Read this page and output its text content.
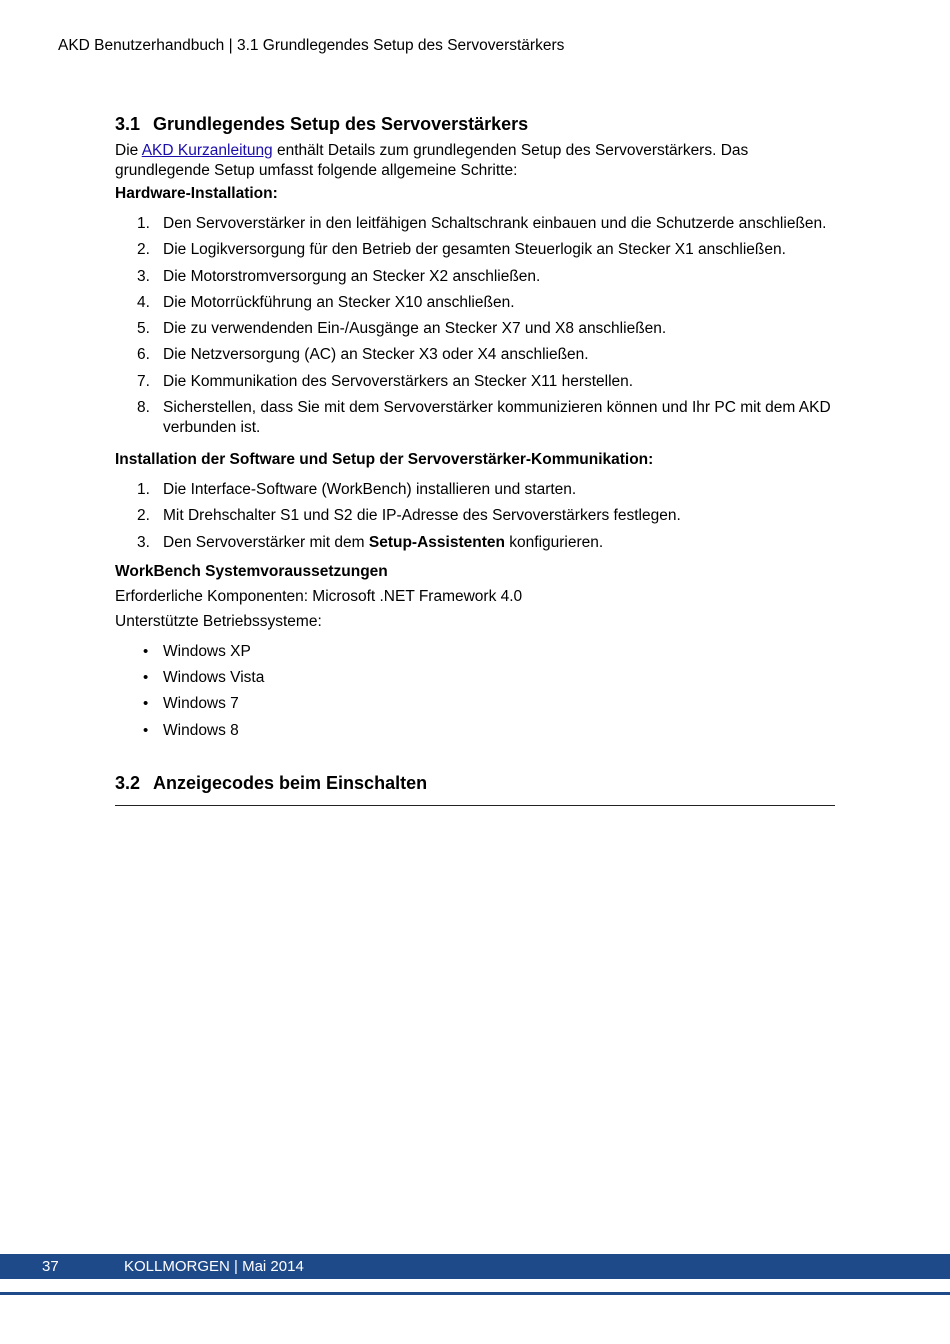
AKD Benutzerhandbuch | 3.1 Grundlegendes Setup des Servoverstärkers
3.1 Grundlegendes Setup des Servoverstärkers

Die AKD Kurzanleitung enthält Details zum grundlegenden Setup des Servoverstärkers. Das grundlegende Setup umfasst folgende allgemeine Schritte:

Hardware-Installation:

1. Den Servoverstärker in den leitfähigen Schaltschrank einbauen und die Schutzerde anschließen.
2. Die Logikversorgung für den Betrieb der gesamten Steuerlogik an Stecker X1 anschließen.
3. Die Motorstromversorgung an Stecker X2 anschließen.
4. Die Motorrückführung an Stecker X10 anschließen.
5. Die zu verwendenden Ein-/Ausgänge an Stecker X7 und X8 anschließen.
6. Die Netzversorgung (AC) an Stecker X3 oder X4 anschließen.
7. Die Kommunikation des Servoverstärkers an Stecker X11 herstellen.
8. Sicherstellen, dass Sie mit dem Servoverstärker kommunizieren können und Ihr PC mit dem AKD verbunden ist.

Installation der Software und Setup der Servoverstärker-Kommunikation:

1. Die Interface-Software (WorkBench) installieren und starten.
2. Mit Drehschalter S1 und S2 die IP-Adresse des Servoverstärkers festlegen.
3. Den Servoverstärker mit dem Setup-Assistenten konfigurieren.

WorkBench Systemvoraussetzungen

Erforderliche Komponenten: Microsoft .NET Framework 4.0

Unterstützte Betriebssysteme:

• Windows XP
• Windows Vista
• Windows 7
• Windows 8
3.2 Anzeigecodes beim Einschalten
37	KOLLMORGEN | Mai 2014
